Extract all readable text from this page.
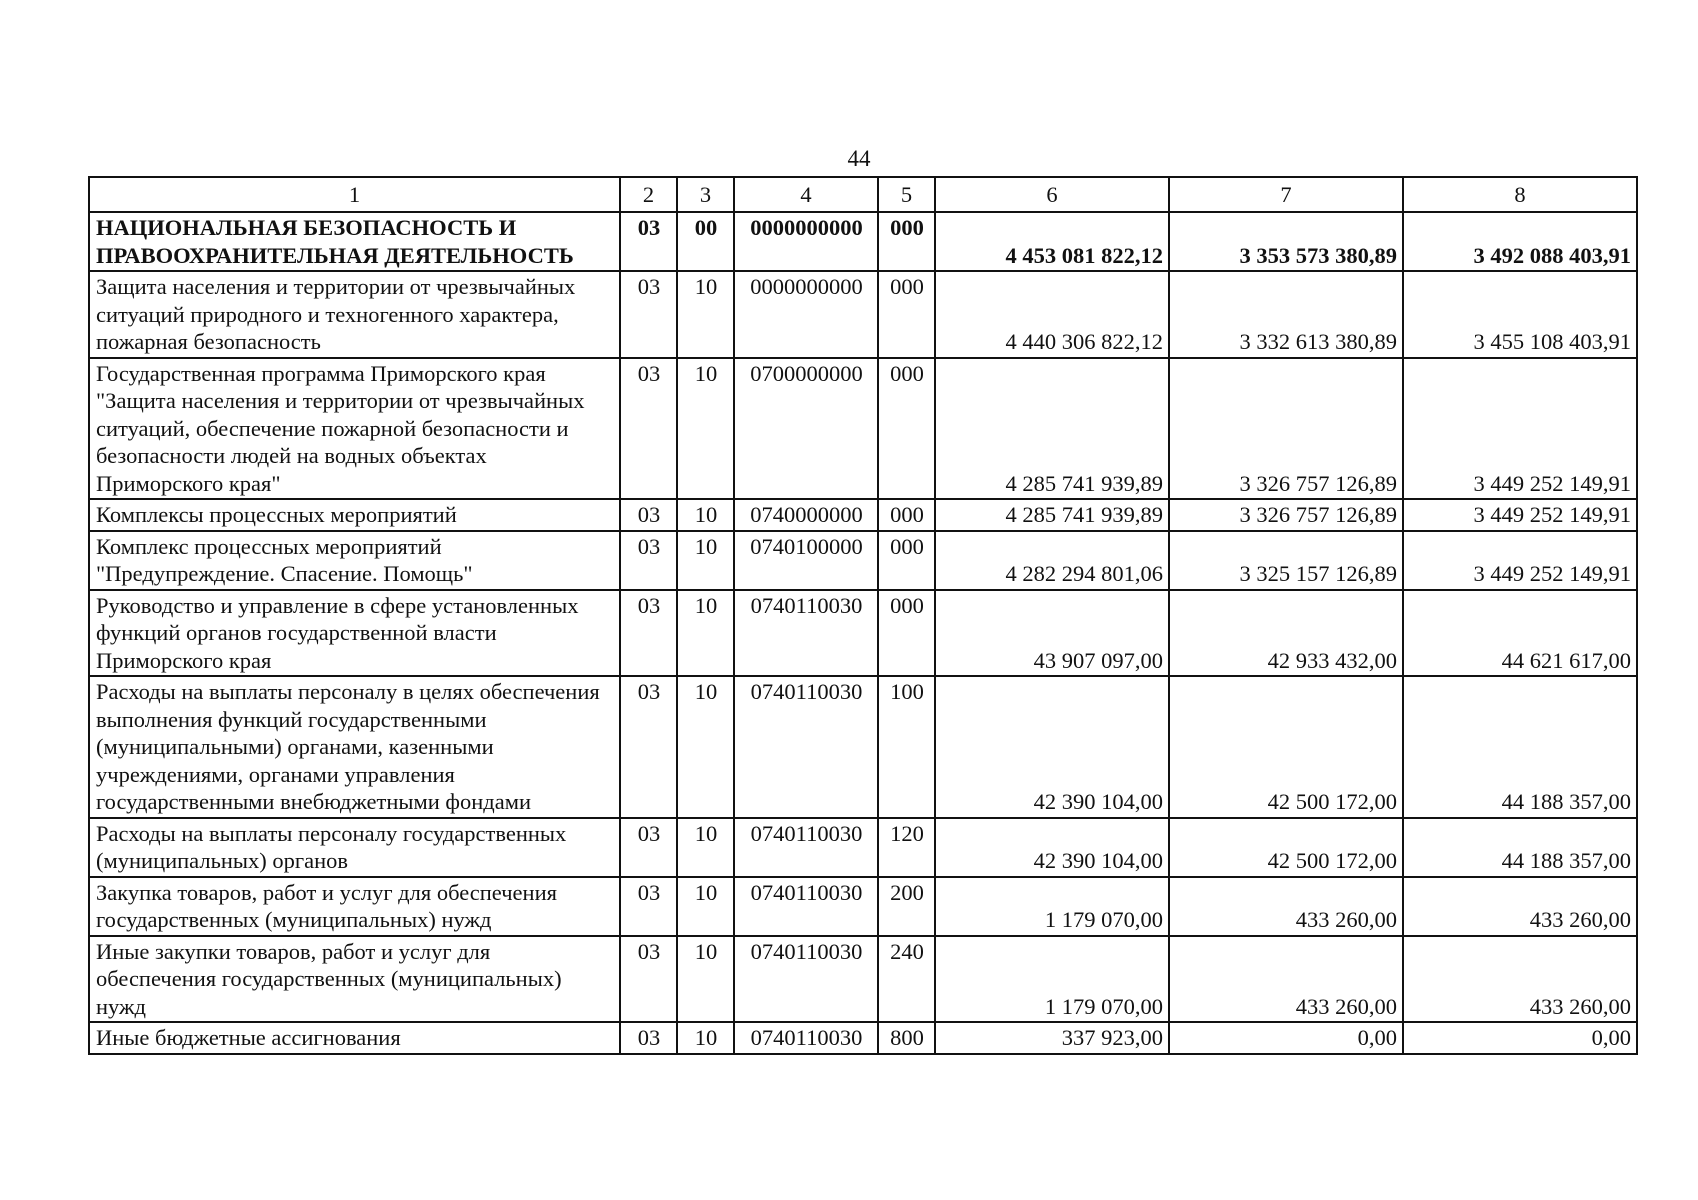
44
1	2	3	4	5	6	7	8
НАЦИОНАЛЬНАЯ БЕЗОПАСНОСТЬ И ПРАВООХРАНИТЕЛЬНАЯ ДЕЯТЕЛЬНОСТЬ	03	00	0000000000	000	4 453 081 822,12	3 353 573 380,89	3 492 088 403,91
Защита населения и территории от чрезвычайных ситуаций природного и техногенного характера, пожарная безопасность	03	10	0000000000	000	4 440 306 822,12	3 332 613 380,89	3 455 108 403,91
Государственная программа Приморского края "Защита населения и территории от чрезвычайных ситуаций, обеспечение пожарной безопасности и безопасности людей на водных объектах Приморского края"	03	10	0700000000	000	4 285 741 939,89	3 326 757 126,89	3 449 252 149,91
Комплексы процессных мероприятий	03	10	0740000000	000	4 285 741 939,89	3 326 757 126,89	3 449 252 149,91
Комплекс процессных мероприятий "Предупреждение. Спасение. Помощь"	03	10	0740100000	000	4 282 294 801,06	3 325 157 126,89	3 449 252 149,91
Руководство и управление в сфере установленных функций органов государственной власти Приморского края	03	10	0740110030	000	43 907 097,00	42 933 432,00	44 621 617,00
Расходы на выплаты персоналу в целях обеспечения выполнения функций государственными (муниципальными) органами, казенными учреждениями, органами управления государственными внебюджетными фондами	03	10	0740110030	100	42 390 104,00	42 500 172,00	44 188 357,00
Расходы на выплаты персоналу государственных (муниципальных) органов	03	10	0740110030	120	42 390 104,00	42 500 172,00	44 188 357,00
Закупка товаров, работ и услуг для обеспечения государственных (муниципальных) нужд	03	10	0740110030	200	1 179 070,00	433 260,00	433 260,00
Иные закупки товаров, работ и услуг для обеспечения государственных (муниципальных) нужд	03	10	0740110030	240	1 179 070,00	433 260,00	433 260,00
Иные бюджетные ассигнования	03	10	0740110030	800	337 923,00	0,00	0,00
